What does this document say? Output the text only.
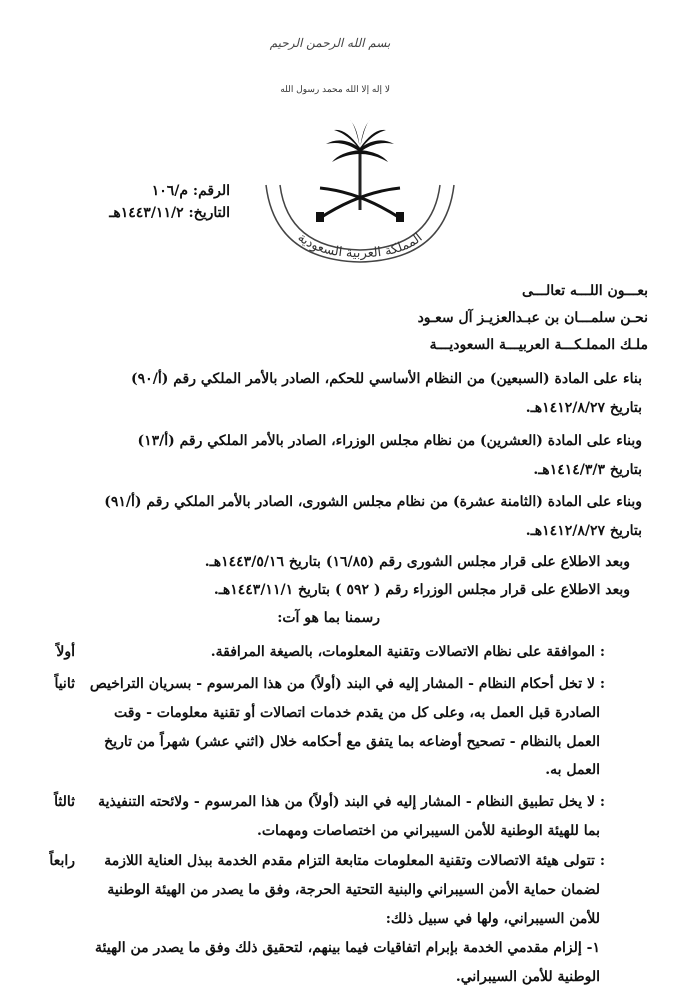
بسم الله الرحمن الرحيم
لا إله إلا الله محمد رسول الله
المملكة العربية السعودية
الرقم: م/١٠٦
التاريخ: ١٤٤٣/١١/٢هـ
بعـــون اللـــه تعالـــى
نحـن سلمـــان بن عبـدالعزيـز آل سعـود
ملـك المملـكـــة العربيـــة السعوديـــة
بناء على المادة (السبعين) من النظام الأساسي للحكم، الصادر بالأمر الملكي رقم (أ/٩٠)
بتاريخ ١٤١٢/٨/٢٧هـ.
وبناء على المادة (العشرين) من نظام مجلس الوزراء، الصادر بالأمر الملكي رقم (أ/١٣)
بتاريخ ١٤١٤/٣/٣هـ.
وبناء على المادة (الثامنة عشرة) من نظام مجلس الشورى، الصادر بالأمر الملكي رقم (أ/٩١)
بتاريخ ١٤١٢/٨/٢٧هـ.
وبعد الاطلاع على قرار مجلس الشورى رقم (١٦/٨٥) بتاريخ ١٤٤٣/٥/١٦هـ.
وبعد الاطلاع على قرار مجلس الوزراء رقم ( ٥٩٢ ) بتاريخ ١٤٤٣/١١/١هـ.
رسمنا بما هو آت:
أولاً	: الموافقة على نظام الاتصالات وتقنية المعلومات، بالصيغة المرافقة.
ثانياً : لا تخل أحكام النظام - المشار إليه في البند (أولاً) من هذا المرسوم - بسريان التراخيص
الصادرة قبل العمل به، وعلى كل من يقدم خدمات اتصالات أو تقنية معلومات - وقت
العمل بالنظام - تصحيح أوضاعه بما يتفق مع أحكامه خلال (اثني عشر) شهراً من تاريخ
العمل به.
ثالثاً : لا يخل تطبيق النظام - المشار إليه في البند (أولاً) من هذا المرسوم - ولائحته التنفيذية
بما للهيئة الوطنية للأمن السيبراني من اختصاصات ومهمات.
رابعاً : تتولى هيئة الاتصالات وتقنية المعلومات متابعة التزام مقدم الخدمة ببذل العناية اللازمة
لضمان حماية الأمن السيبراني والبنية التحتية الحرجة، وفق ما يصدر من الهيئة الوطنية
للأمن السيبراني، ولها في سبيل ذلك:
١- إلزام مقدمي الخدمة بإبرام اتفاقيات فيما بينهم، لتحقيق ذلك وفق ما يصدر من الهيئة
الوطنية للأمن السيبراني.
